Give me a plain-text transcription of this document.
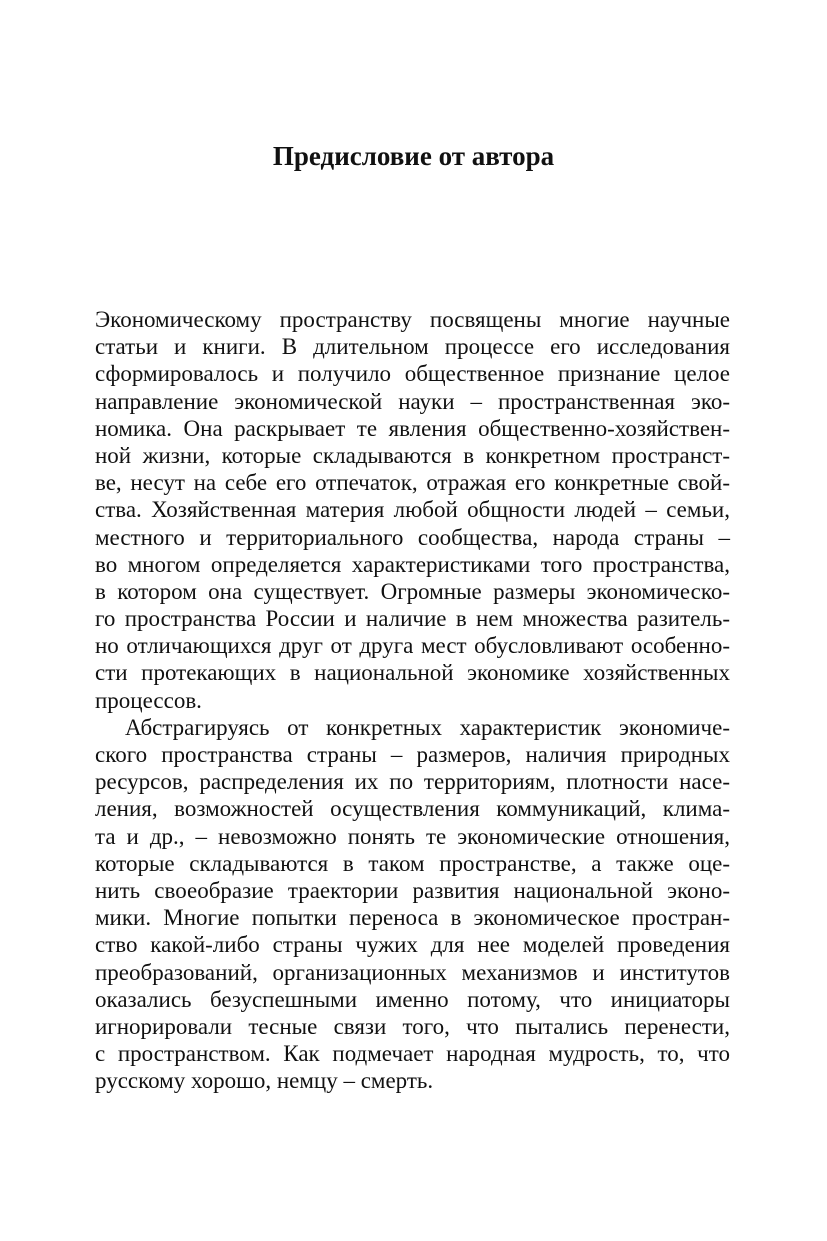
Предисловие от автора
Экономическому пространству посвящены многие научные
статьи и книги. В длительном процессе его исследования
сформировалось и получило общественное признание целое
направление экономической науки – пространственная эко-
номика. Она раскрывает те явления общественно-хозяйствен-
ной жизни, которые складываются в конкретном пространст-
ве, несут на себе его отпечаток, отражая его конкретные свой-
ства. Хозяйственная материя любой общности людей – семьи,
местного и территориального сообщества, народа страны –
во многом определяется характеристиками того пространства,
в котором она существует. Огромные размеры экономическо-
го пространства России и наличие в нем множества разитель-
но отличающихся друг от друга мест обусловливают особенно-
сти протекающих в национальной экономике хозяйственных
процессов.
Абстрагируясь от конкретных характеристик экономиче-
ского пространства страны – размеров, наличия природных
ресурсов, распределения их по территориям, плотности насе-
ления, возможностей осуществления коммуникаций, клима-
та и др., – невозможно понять те экономические отношения,
которые складываются в таком пространстве, а также оце-
нить своеобразие траектории развития национальной эконо-
мики. Многие попытки переноса в экономическое простран-
ство какой-либо страны чужих для нее моделей проведения
преобразований, организационных механизмов и институтов
оказались безуспешными именно потому, что инициаторы
игнорировали тесные связи того, что пытались перенести,
с пространством. Как подмечает народная мудрость, то, что
русскому хорошо, немцу – смерть.
